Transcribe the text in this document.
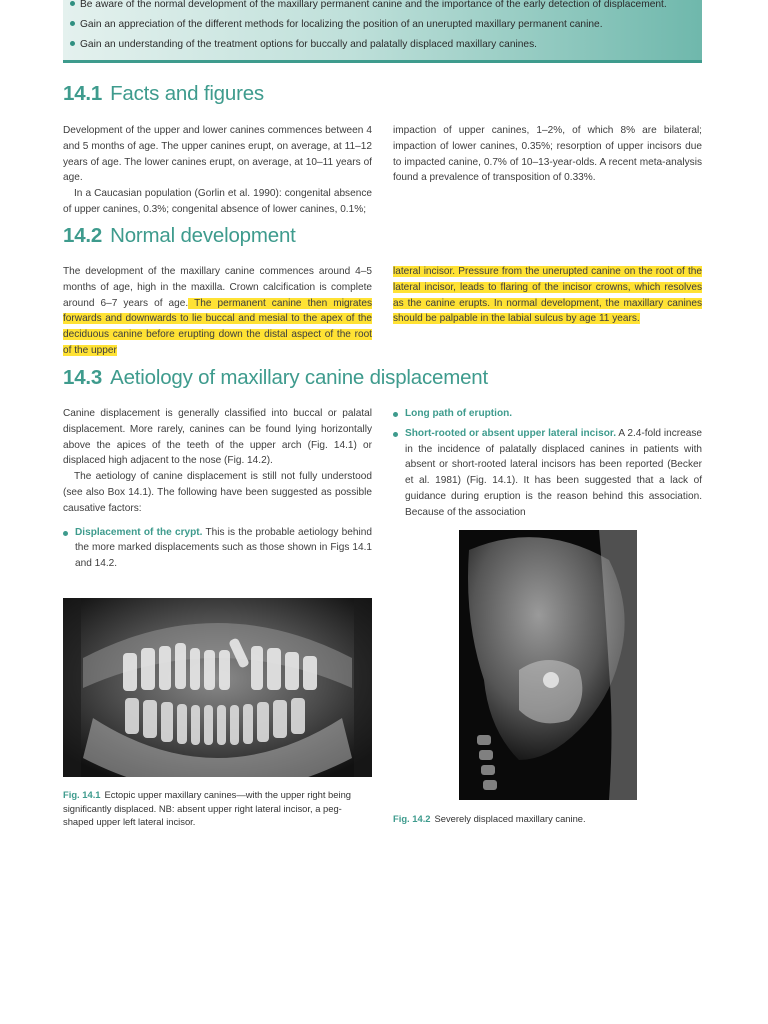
Be aware of the normal development of the maxillary permanent canine and the importance of the early detection of displacement.
Gain an appreciation of the different methods for localizing the position of an unerupted maxillary permanent canine.
Gain an understanding of the treatment options for buccally and palatally displaced maxillary canines.
14.1 Facts and figures

Development of the upper and lower canines commences between 4 and 5 months of age. The upper canines erupt, on average, at 11–12 years of age. The lower canines erupt, on average, at 10–11 years of age.

In a Caucasian population (Gorlin et al. 1990): congenital absence of upper canines, 0.3%; congenital absence of lower canines, 0.1%;

impaction of upper canines, 1–2%, of which 8% are bilateral; impaction of lower canines, 0.35%; resorption of upper incisors due to impacted canine, 0.7% of 10–13-year-olds. A recent meta-analysis found a prevalence of transposition of 0.33%.

14.2 Normal development

The development of the maxillary canine commences around 4–5 months of age, high in the maxilla. Crown calcification is complete around 6–7 years of age. The permanent canine then migrates forwards and downwards to lie buccal and mesial to the apex of the deciduous canine before erupting down the distal aspect of the root of the upper

lateral incisor. Pressure from the unerupted canine on the root of the lateral incisor, leads to flaring of the incisor crowns, which resolves as the canine erupts. In normal development, the maxillary canines should be palpable in the labial sulcus by age 11 years.

14.3 Aetiology of maxillary canine displacement

Canine displacement is generally classified into buccal or palatal displacement. More rarely, canines can be found lying horizontally above the apices of the teeth of the upper arch (Fig. 14.1) or displaced high adjacent to the nose (Fig. 14.2).

The aetiology of canine displacement is still not fully understood (see also Box 14.1). The following have been suggested as possible causative factors:

Displacement of the crypt. This is the probable aetiology behind the more marked displacements such as those shown in Figs 14.1 and 14.2.
Long path of eruption.
Short-rooted or absent upper lateral incisor. A 2.4-fold increase in the incidence of palatally displaced canines in patients with absent or short-rooted lateral incisors has been reported (Becker et al. 1981) (Fig. 14.1). It has been suggested that a lack of guidance during eruption is the reason behind this association. Because of the association
Fig. 14.1 Ectopic upper maxillary canines—with the upper right being significantly displaced. NB: absent upper right lateral incisor, a peg-shaped upper left lateral incisor.	Fig. 14.2 Severely displaced maxillary canine.
